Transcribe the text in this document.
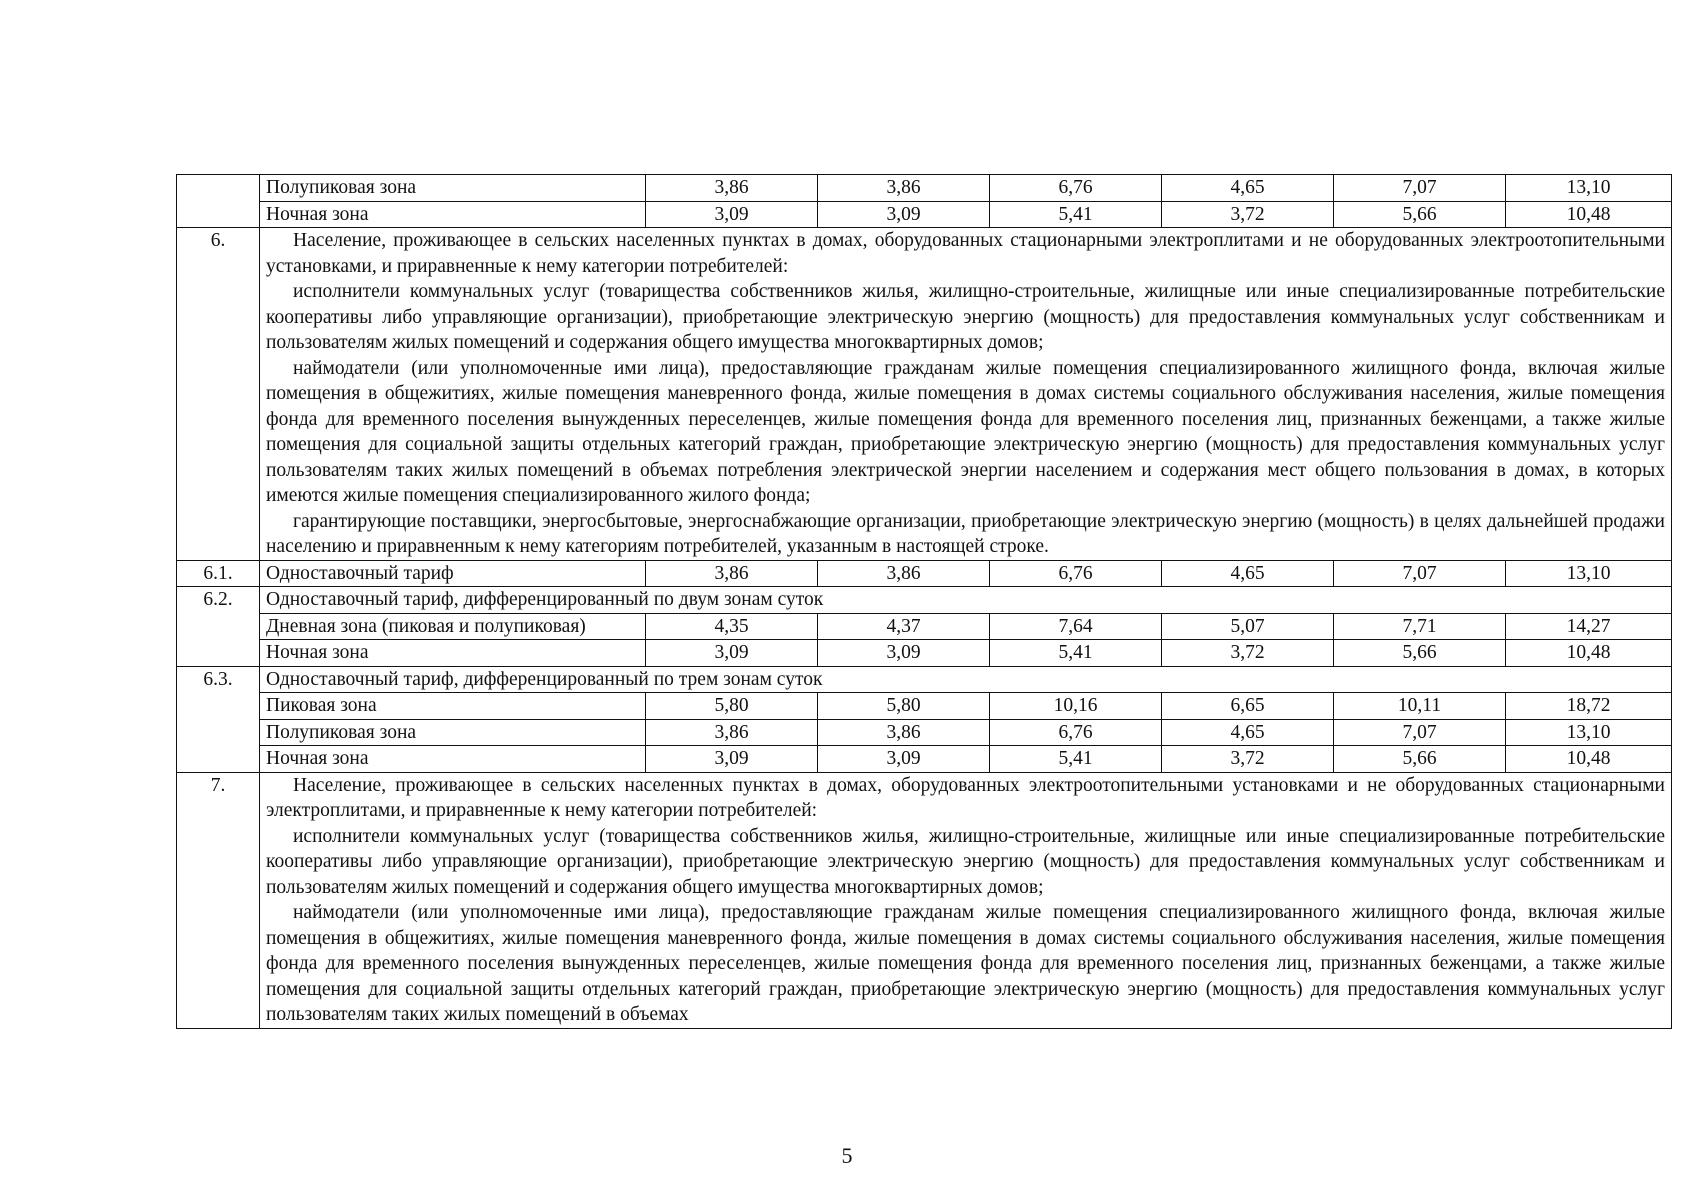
	Полупиковая зона	3,86	3,86	6,76	4,65	7,07	13,10
	Ночная зона	3,09	3,09	5,41	3,72	5,66	10,48
6.	Население, проживающее в сельских населенных пунктах в домах, оборудованных стационарными электроплитами и не оборудованных электроотопительными установками, и приравненные к нему категории потребителей:

исполнители коммунальных услуг (товарищества собственников жилья, жилищно-строительные, жилищные или иные специализированные потребительские кооперативы либо управляющие организации), приобретающие электрическую энергию (мощность) для предоставления коммунальных услуг собственникам и пользователям жилых помещений и содержания общего имущества многоквартирных домов;

наймодатели (или уполномоченные ими лица), предоставляющие гражданам жилые помещения специализированного жилищного фонда, включая жилые помещения в общежитиях, жилые помещения маневренного фонда, жилые помещения в домах системы социального обслуживания населения, жилые помещения фонда для временного поселения вынужденных переселенцев, жилые помещения фонда для временного поселения лиц, признанных беженцами, а также жилые помещения для социальной защиты отдельных категорий граждан, приобретающие электрическую энергию (мощность) для предоставления коммунальных услуг пользователям таких жилых помещений в объемах потребления электрической энергии населением и содержания мест общего пользования в домах, в которых имеются жилые помещения специализированного жилого фонда;

гарантирующие поставщики, энергосбытовые, энергоснабжающие организации, приобретающие электрическую энергию (мощность) в целях дальнейшей продажи населению и приравненным к нему категориям потребителей, указанным в настоящей строке.						

6.1.	Одноставочный тариф	3,86	3,86	6,76	4,65	7,07	13,10
6.2.	Одноставочный тариф, дифференцированный по двум зонам суток						
	Дневная зона (пиковая и полупиковая)	4,35	4,37	7,64	5,07	7,71	14,27
	Ночная зона	3,09	3,09	5,41	3,72	5,66	10,48
6.3.	Одноставочный тариф, дифференцированный по трем зонам суток						
	Пиковая зона	5,80	5,80	10,16	6,65	10,11	18,72
	Полупиковая зона	3,86	3,86	6,76	4,65	7,07	13,10
	Ночная зона	3,09	3,09	5,41	3,72	5,66	10,48
7.	Население, проживающее в сельских населенных пунктах в домах, оборудованных электроотопительными установками и не оборудованных стационарными электроплитами, и приравненные к нему категории потребителей:

исполнители коммунальных услуг (товарищества собственников жилья, жилищно-строительные, жилищные или иные специализированные потребительские кооперативы либо управляющие организации), приобретающие электрическую энергию (мощность) для предоставления коммунальных услуг собственникам и пользователям жилых помещений и содержания общего имущества многоквартирных домов;

наймодатели (или уполномоченные ими лица), предоставляющие гражданам жилые помещения специализированного жилищного фонда, включая жилые помещения в общежитиях, жилые помещения маневренного фонда, жилые помещения в домах системы социального обслуживания населения, жилые помещения фонда для временного поселения вынужденных переселенцев, жилые помещения фонда для временного поселения лиц, признанных беженцами, а также жилые помещения для социальной защиты отдельных категорий граждан, приобретающие электрическую энергию (мощность) для предоставления коммунальных услуг пользователям таких жилых помещений в объемах						

5
